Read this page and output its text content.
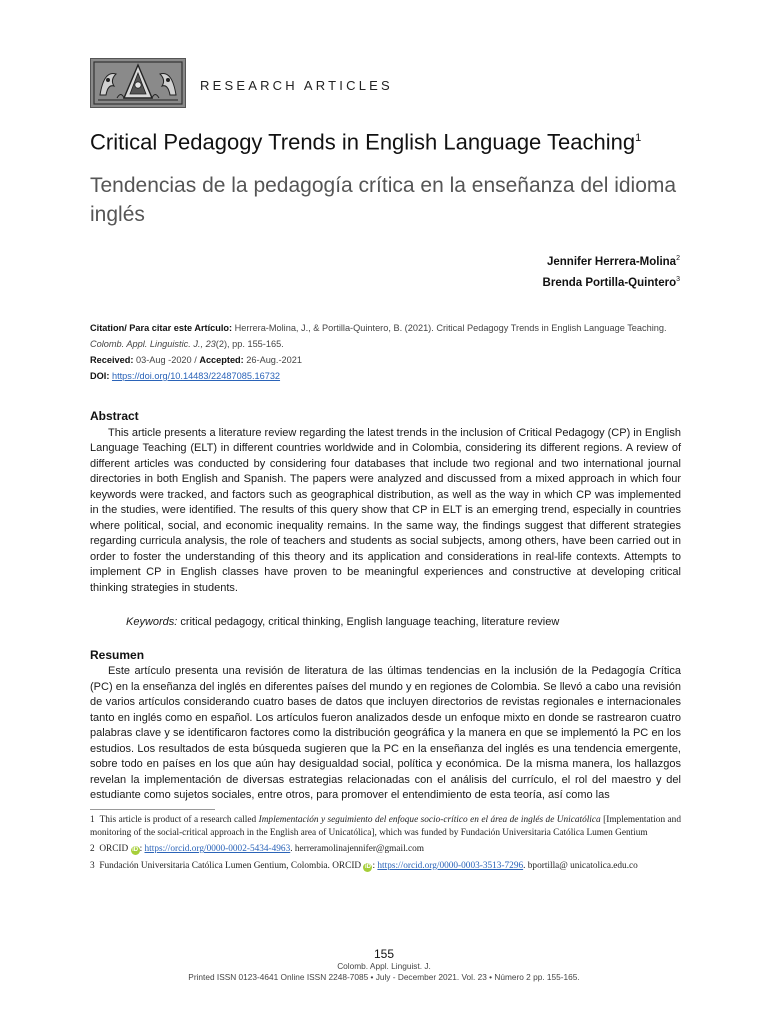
RESEARCH ARTICLES
Critical Pedagogy Trends in English Language Teaching$^1$
Tendencias de la pedagogía crítica en la enseñanza del idioma inglés
Jennifer Herrera-Molina$^2$
Brenda Portilla-Quintero$^3$
Citation/ Para citar este Artículo: Herrera-Molina, J., & Portilla-Quintero, B. (2021). Critical Pedagogy Trends in English Language Teaching.
Colomb. Appl. Linguistic. J., 23(2), pp. 155-165.
Received: 03-Aug -2020 / Accepted: 26-Aug.-2021
DOI: https://doi.org/10.14483/22487085.16732

Abstract

This article presents a literature review regarding the latest trends in the inclusion of Critical Pedagogy (CP) in English Language Teaching (ELT) in different countries worldwide and in Colombia, considering its different regions. A review of different articles was conducted by considering four databases that include two regional and two international journal directories in both English and Spanish. The papers were analyzed and discussed from a mixed approach in which four keywords were tracked, and factors such as geographical distribution, as well as the way in which CP was implemented in the studies, were identified. The results of this query show that CP in ELT is an emerging trend, especially in countries where political, social, and economic inequality remains. In the same way, the findings suggest that different strategies regarding curricula analysis, the role of teachers and students as social subjects, among others, have been carried out in order to foster the understanding of this theory and its application and considerations in real-life contexts. Attempts to implement CP in English classes have proven to be meaningful experiences and constructive at developing critical thinking strategies in students.

Keywords: critical pedagogy, critical thinking, English language teaching, literature review

Resumen

Este artículo presenta una revisión de literatura de las últimas tendencias en la inclusión de la Pedagogía Crítica (PC) en la enseñanza del inglés en diferentes países del mundo y en regiones de Colombia. Se llevó a cabo una revisión de varios artículos considerando cuatro bases de datos que incluyen directorios de revistas regionales e internacionales tanto en inglés como en español. Los artículos fueron analizados desde un enfoque mixto en donde se rastrearon cuatro palabras clave y se identificaron factores como la distribución geográfica y la manera en que se implementó la PC en los estudios. Los resultados de esta búsqueda sugieren que la PC en la enseñanza del inglés es una tendencia emergente, sobre todo en países en los que aún hay desigualdad social, política y económica. De la misma manera, los hallazgos revelan la implementación de diversas estrategias relacionadas con el análisis del currículo, el rol del maestro y del estudiante como sujetos sociales, entre otros, para promover el entendimiento de esta teoría, así como las

1 This article is product of a research called Implementación y seguimiento del enfoque socio-crítico en el área de inglés de Unicatólica [Implementation and monitoring of the social-critical approach in the English area of Unicatólica], which was funded by Fundación Universitaria Católica Lumen Gentium

2 ORCID iD : https://orcid.org/0000-0002-5434-4963. herreramolinajennifer@gmail.com

3 Fundación Universitaria Católica Lumen Gentium, Colombia. ORCID iD : https://orcid.org/0000-0003-3513-7296. bportilla@ unicatolica.edu.co

155
Colomb. Appl. Linguist. J.
Printed ISSN 0123-4641 Online ISSN 2248-7085 • July - December 2021. Vol. 23 • Número 2 pp. 155-165.
